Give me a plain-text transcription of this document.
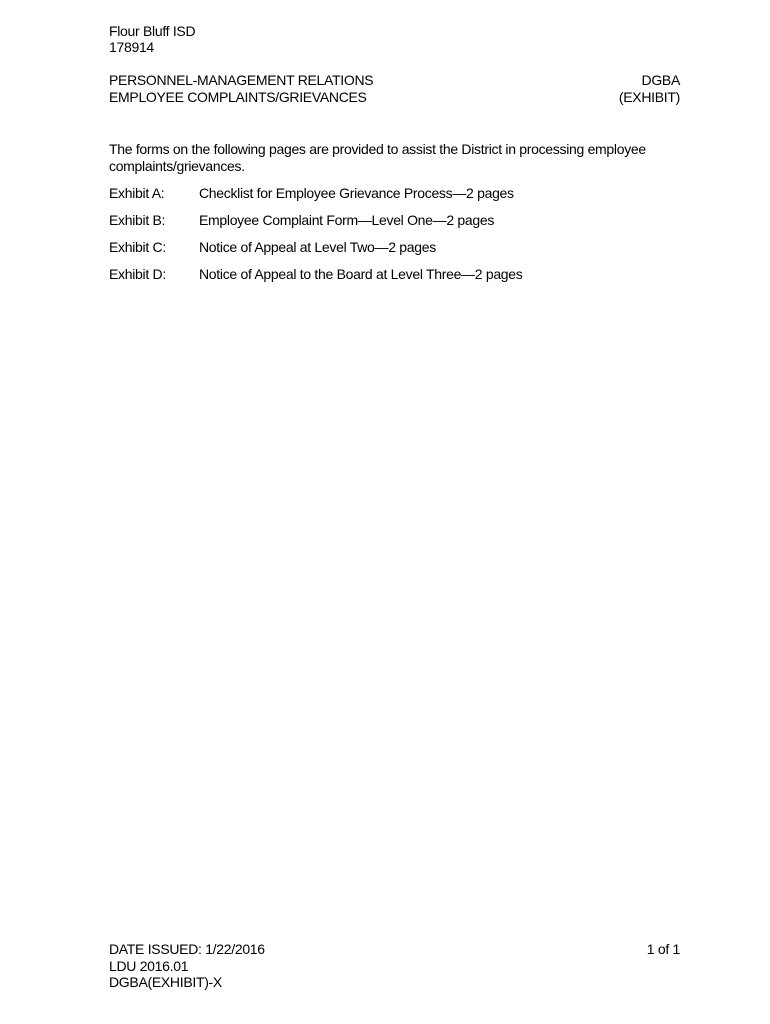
Flour Bluff ISD
178914
PERSONNEL-MANAGEMENT RELATIONS
EMPLOYEE COMPLAINTS/GRIEVANCES
DGBA
(EXHIBIT)
The forms on the following pages are provided to assist the District in processing employee complaints/grievances.
Exhibit A:	Checklist for Employee Grievance Process—2 pages
Exhibit B:	Employee Complaint Form—Level One—2 pages
Exhibit C:	Notice of Appeal at Level Two—2 pages
Exhibit D:	Notice of Appeal to the Board at Level Three—2 pages
DATE ISSUED: 1/22/2016
LDU 2016.01
DGBA(EXHIBIT)-X
1 of 1
